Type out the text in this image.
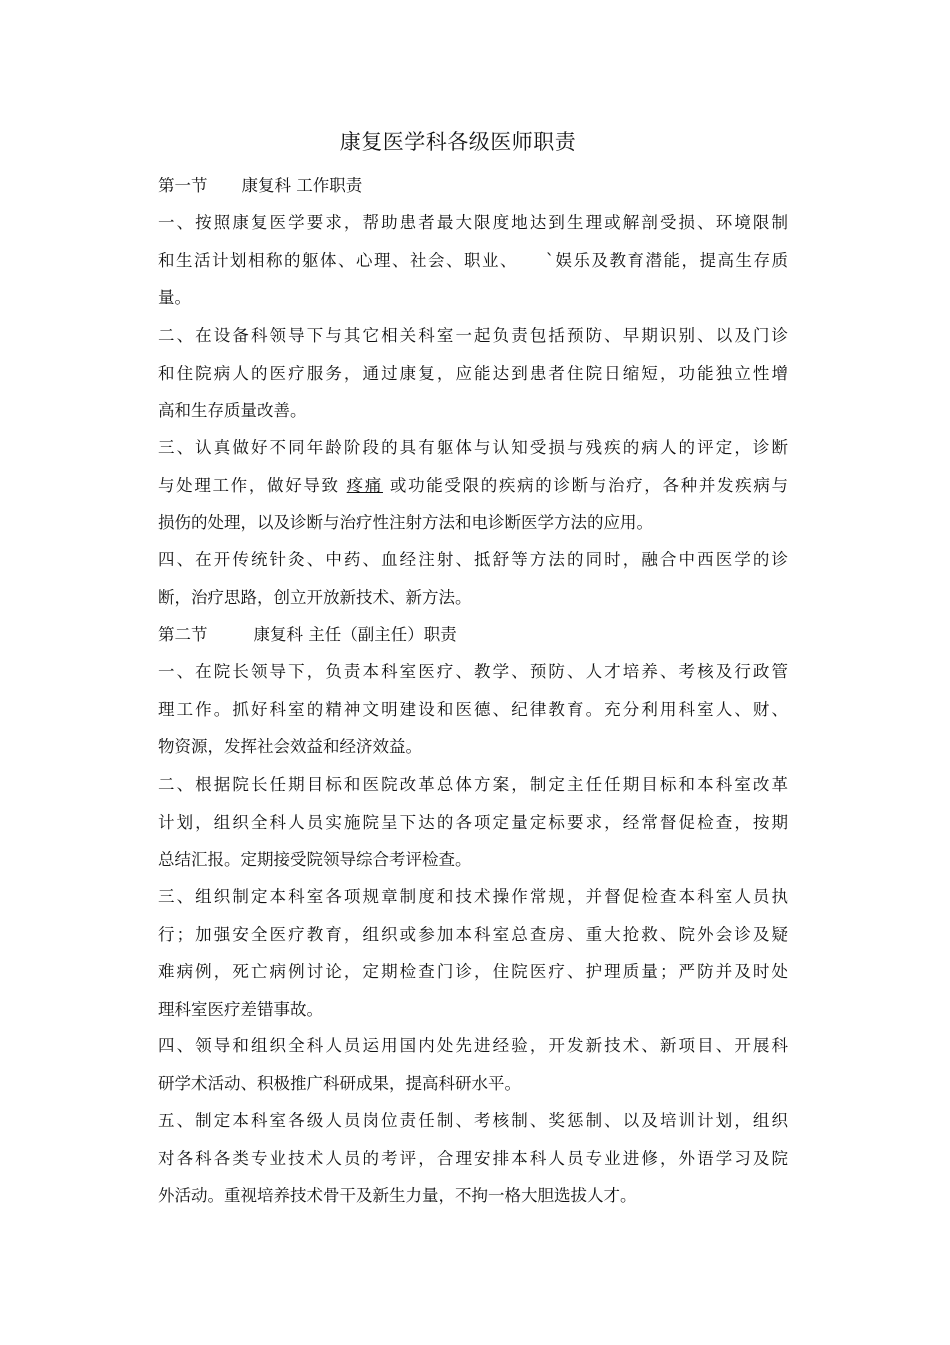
康复医学科各级医师职责
第一节 康复科 工作职责
一、按照康复医学要求，帮助患者最大限度地达到生理或解剖受损、环境限制
和生活计划相称的躯体、心理、社会、职业、　　`娱乐及教育潜能，提高生存质
量。
二、在设备科领导下与其它相关科室一起负责包括预防、早期识别、以及门诊
和住院病人的医疗服务，通过康复，应能达到患者住院日缩短，功能独立性增
高和生存质量改善。
三、认真做好不同年龄阶段的具有躯体与认知受损与残疾的病人的评定，诊断
与处理工作，做好导致 疼痛 或功能受限的疾病的诊断与治疗，各种并发疾病与
损伤的处理，以及诊断与治疗性注射方法和电诊断医学方法的应用。
四、在开传统针灸、中药、血经注射、抵舒等方法的同时，融合中西医学的诊
断，治疗思路，创立开放新技术、新方法。
第二节	康复科 主任（副主任）职责
一、在院长领导下，负责本科室医疗、教学、预防、人才培养、考核及行政管
理工作。抓好科室的精神文明建设和医德、纪律教育。充分利用科室人、财、
物资源，发挥社会效益和经济效益。
二、根据院长任期目标和医院改革总体方案，制定主任任期目标和本科室改革
计划，组织全科人员实施院呈下达的各项定量定标要求，经常督促检查，按期
总结汇报。定期接受院领导综合考评检查。
三、组织制定本科室各项规章制度和技术操作常规，并督促检查本科室人员执
行；加强安全医疗教育，组织或参加本科室总查房、重大抢救、院外会诊及疑
难病例，死亡病例讨论，定期检查门诊，住院医疗、护理质量；严防并及时处
理科室医疗差错事故。
四、领导和组织全科人员运用国内处先进经验，开发新技术、新项目、开展科
研学术活动、积极推广科研成果，提高科研水平。
五、制定本科室各级人员岗位责任制、考核制、奖惩制、以及培训计划，组织
对各科各类专业技术人员的考评，合理安排本科人员专业进修，外语学习及院
外活动。重视培养技术骨干及新生力量，不拘一格大胆选拔人才。
